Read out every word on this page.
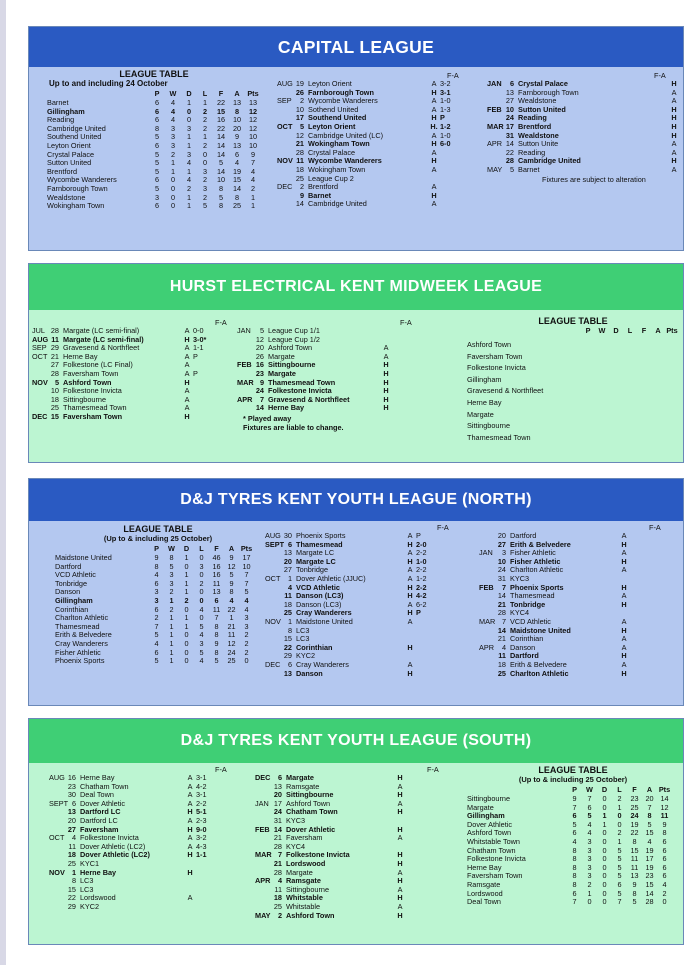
CAPITAL LEAGUE
LEAGUE TABLE
Up to and including 24 October
P	W	D	L	F	A	Pts
Barnet	6	4	1	1	22	13	13
Gillingham	6	4	0	2	15	8	12
Reading	6	4	0	2	16	10	12
Cambridge United	8	3	3	2	22	20	12
Southend United	5	3	1	1	14	9	10
Leyton Orient	6	3	1	2	14	13	10
Crystal Palace	5	2	3	0	14	6	9
Sutton United	5	1	4	0	5	4	7
Brentford	5	1	1	3	14	19	4
Wycombe Wanderers	6	0	4	2	10	15	4
Farnborough Town	5	0	2	3	8	14	2
Wealdstone	3	0	1	2	5	8	1
Wokingham Town	6	0	1	5	8	25	1
F-A
AUG 19 Leyton Orient	A 3-2
26 Farnborough Town	H 3-1
SEP	2 Wycombe Wanderers	A 1-0
10 Sothend United	A 1-3
17 Southend United	H P
OCT	5 Leyton Orient	H. 1-2
12 Cambridge United (LC)	A 1-0
21 Wokingham Town	H 6-0
28 Crystal Palace	A
NOV 11 Wycombe Wanderers	H
18 Wokingham Town	A
25 League Cup 2
DEC	2 Brentford	A
9 Barnet	H
14 Cambridge United	A
F-A
JAN	6 Crystal Palace	H
13 Farnborough Town	A
27 Wealdstone	A
FEB 10 Sutton United	H
24 Reading	H
MAR 17 Brentford	H
31 Wealdstone	H
APR 14 Sutton Unite	A
22 Reading	A
28 Cambridge United	H
MAY	5 Barnet	A
Fixtures are subject to alteration
HURST ELECTRICAL KENT MIDWEEK LEAGUE
F-A
JUL 28 Margate (LC semi-final)	A 0-0
AUG 11 Margate (LC semi-final)	H 3-0*
SEP 29 Gravesend & Northfleet	A 1-1
OCT 21 Herne Bay	A P
27 Folkestone (LC Final)	A
28 Faversham Town	A P
NOV 5 Ashford Town	H
10 Folkestone Invicta	A
18 Sittingbourne	A
25 Thamesmead Town	A
DEC 15 Faversham Town	H
F-A
JAN	5 League Cup 1/1
12 League Cup 1/2
20 Ashford Town	A
26 Margate	A
FEB 16 Sittingbourne	H
23 Margate	H
MAR 9 Thamesmead Town	H
24 Folkestone Invicta	H
APR	7 Gravesend & Northfleet	H
14 Herne Bay	H
* Played away
Fixtures are liable to change.
LEAGUE TABLE
P	W	D	L	F	A Pts
Ashford Town
Faversham Town
Folkestone Invicta
Gillingham
Gravesend & Northfleet
Herne Bay
Margate
Sittingbourne
Thamesmead Town
D&J TYRES KENT YOUTH LEAGUE (NORTH)
LEAGUE TABLE
(Up to & including 25 October)
P	W	D	L	F	A Pts
Maidstone United	9	8	1	0	46	9	17
Dartford	8	5	0	3	16 12 10
VCD Athletic	4	3	1	0	16	5	7
Tonbridge	6	3	1	2	11	9	7
Danson	3	2	1	0	13	8	5
Gillingham	3	1	2	0	6	4	4
Corinthian	6	2	0	4	11 22	4
Charlton Athletic	2	1	1	0	7	1	3
Thamesmead	7	1	1	5	8	21	3
Erith & Belvedere	5	1	0	4	8	11	2
Cray Wanderers	4	1	0	3	9	12	2
Fisher Athletic	6	1	0	5	8	24	2
Phoenix Sports	5	1	0	4	5	25	0
F-A
AUG 30 Phoenix Sports	A P
SEPT 6 Thamesmead	H 2-0
13 Margate LC	A 2-2
20 Margate LC	H 1-0
27 Tonbridge	A 2-2
OCT	1 Dover Athletic (JJUC)	A 1-2
4 VCD Athletic	H 2-2
11 Danson (LC3)	H 4-2
18 Danson (LC3)	A 6-2
25 Cray Wanderers	H P
NOV 1 Maidstone United	A
8 LC3
15 LC3
22 Corinthian	H
29 KYC2
DEC	6 Cray Wanderers	A
13 Danson	H
F-A
20 Dartford	A
27 Erith & Belvedere	H
JAN	3 Fisher Athletic	A
10 Fisher Athletic	H
24 Charlton Athletic	A
31 KYC3
FEB	7 Phoenix Sports	H
14 Thamesmead	A
21 Tonbridge	H
28 KYC4
MAR 7 VCD Athletic	A
14 Maidstone United	H
21 Corinthian	A
APR	4 Danson	A
11 Dartford	H
18 Erith & Belvedere	A
25 Charlton Athletic	H
D&J TYRES KENT YOUTH LEAGUE (SOUTH)
F-A
AUG 16 Herne Bay	A 3-1
23 Chatham Town	A 4-2
30 Deal Town	A 3-1
SEPT 6 Dover Athletic	A 2-2
13 Dartford LC	H 5-1
20 Dartford LC	A 2-3
27 Faversham	H 9-0
OCT	4 Folkestone Invicta	A 3-2
11 Dover Athletic (LC2)	A 4-3
18 Dover Athletic (LC2)	H 1-1
25 KYC1
NOV 1 Herne Bay	H
8 LC3
15 LC3
22 Lordswood	A
29 KYC2
F-A
DEC	6 Margate	H
13 Ramsgate	A
20 Sittingbourne	H
JAN 17 Ashford Town	A
24 Chatham Town	H
31 KYC3
FEB 14 Dover Athletic	H
21 Faversham	A
28 KYC4
MAR 7 Folkestone Invicta	H
21 Lordswood	H
28 Margate	A
APR	4 Ramsgate	H
11 Sittingbourne	A
18 Whitstable	H
25 Whitstable	A
MAY	2 Ashford Town	H
LEAGUE TABLE
(Up to & including 25 October)
P	W	D	L	F	A Pts
Sittingbourne	9	7	0	2	23 20 14
Margate	7	6	0	1	25	7	12
Gillingham	6	5	1	0	24	8	11
Dover Athletic	5	4	1	0	19	5	9
Ashford Town	6	4	0	2	22 15	8
Whitstable Town	4	3	0	1	8	4	6
Chatham Town	8	3	0	5	15 19	6
Folkestone Invicta	8	3	0	5	11 17	6
Herne Bay	8	3	0	5	11 19	6
Faversham Town	8	3	0	5	13 23	6
Ramsgate	8	2	0	6	9	15	4
Lordswood	6	1	0	5	8	14	2
Deal Town	7	0	0	7	5	28	0
